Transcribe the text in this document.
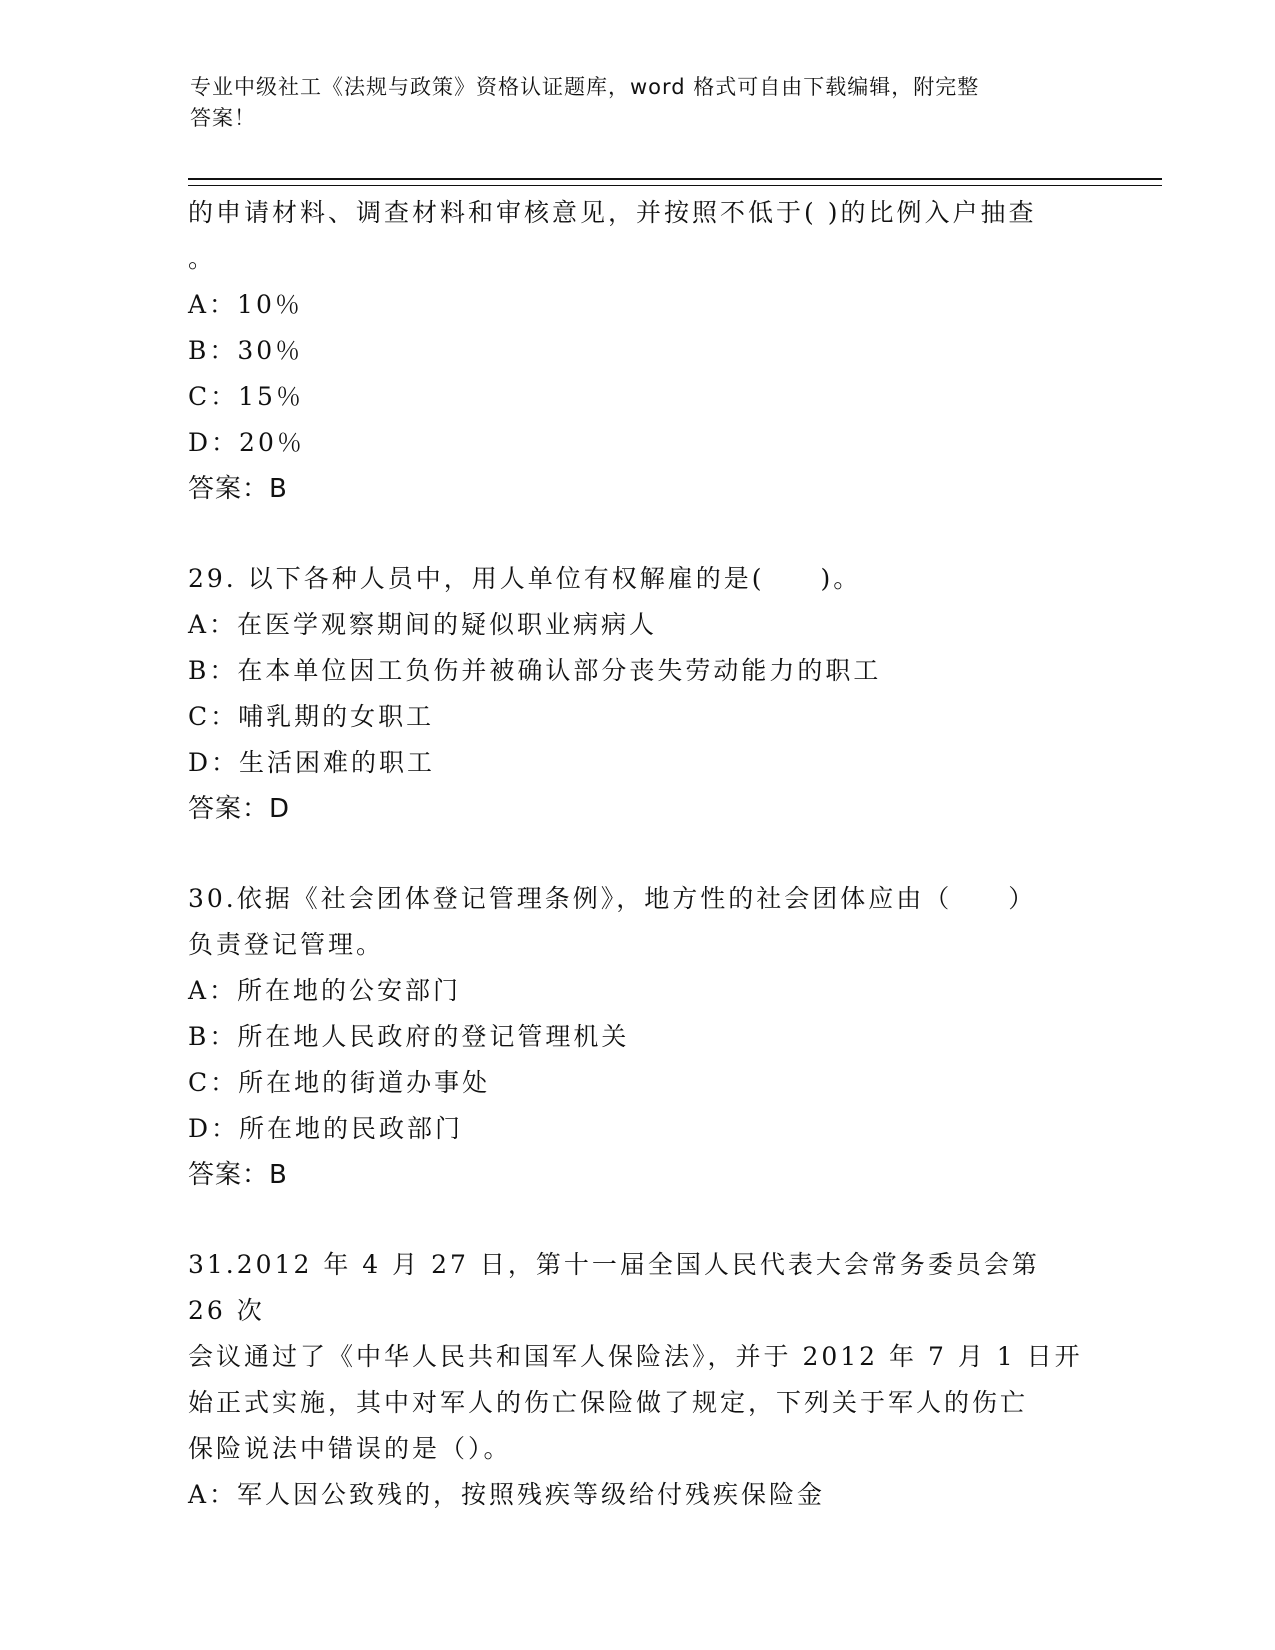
专业中级社工《法规与政策》资格认证题库，word 格式可自由下载编辑，附完整
答案！

的申请材料、调查材料和审核意见，并按照不低于( )的比例入户抽查

。

A：10％

B：30％

C：15％

D：20％

答案：B

29. 以下各种人员中，用人单位有权解雇的是(　　)。

A：在医学观察期间的疑似职业病病人

B：在本单位因工负伤并被确认部分丧失劳动能力的职工

C：哺乳期的女职工

D：生活困难的职工

答案：D

30.依据《社会团体登记管理条例》，地方性的社会团体应由（　　）

负责登记管理。

A：所在地的公安部门

B：所在地人民政府的登记管理机关

C：所在地的街道办事处

D：所在地的民政部门

答案：B

31.2012 年 4 月 27 日，第十一届全国人民代表大会常务委员会第 26 次

会议通过了《中华人民共和国军人保险法》，并于 2012 年 7 月 1 日开

始正式实施，其中对军人的伤亡保险做了规定，下列关于军人的伤亡

保险说法中错误的是（）。

A：军人因公致残的，按照残疾等级给付残疾保险金
